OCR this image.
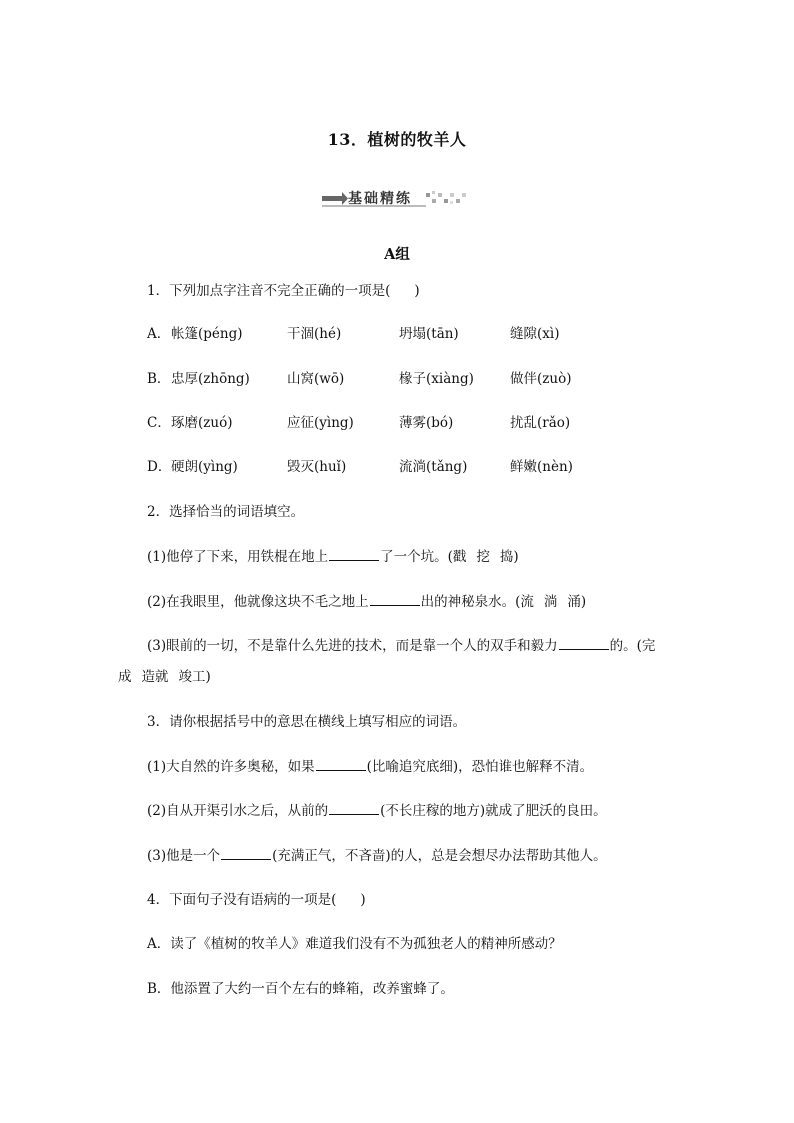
13．植树的牧羊人
基础精练
A组
1．下列加点字注音不完全正确的一项是( )
A． 帐篷(péng)	干涸(hé)	坍塌(tān)	缝隙(xì)
B． 忠厚(zhōng)	山窝(wō)	椽子(xiàng)	做伴(zuò)
C． 琢磨(zuó)	应征(yìng)	薄雾(bó)	扰乱(rǎo)
D． 硬朗(yìng)	毁灭(huǐ)	流淌(tǎng)	鲜嫩(nèn)
2．选择恰当的词语填空。
(1)他停了下来，用铁棍在地上	了一个坑。(戳 挖 捣)
(2)在我眼里，他就像这块不毛之地上	出的神秘泉水。(流 淌 涌)
(3)眼前的一切，不是靠什么先进的技术，而是靠一个人的双手和毅力	的。(完
成 造就 竣工)
3．请你根据括号中的意思在横线上填写相应的词语。
(1)大自然的许多奥秘，如果	(比喻追究底细)，恐怕谁也解释不清。
(2)自从开渠引水之后，从前的	(不长庄稼的地方)就成了肥沃的良田。
(3)他是一个	(充满正气，不吝啬)的人，总是会想尽办法帮助其他人。
4．下面句子没有语病的一项是( )
A．读了《植树的牧羊人》难道我们没有不为孤独老人的精神所感动？
B．他添置了大约一百个左右的蜂箱，改养蜜蜂了。
